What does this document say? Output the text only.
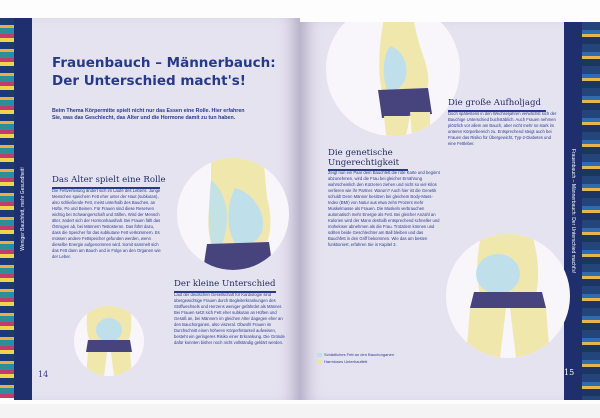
Weniger Bauchfett, mehr Gesundheit!
Frauenbauch – Männerbauch:
Der Unterschied macht's!

Beim Thema Körpermitte spielt nicht nur das Essen eine Rolle. Hier erfahren Sie, was das Geschlecht, das Alter und die Hormone damit zu tun haben.

Das Alter spielt eine Rolle

Die Fettverteilung ändert sich im Laufe des Lebens. Junge Menschen speichern Fett eher unter der Haut (subkutan), also schließende Fett, meist unterhalb des Bauches, an Hüfte, Po und Beinen. Für Frauen sind diese Reserven wichtig bei Schwangerschaft und Stillen. Wird der Mensch älter, ändert sich der Hormonhaushalt. Bei Frauen fällt das Östrogen ab, bei Männern Testosteron. Das führt dazu, dass die Speicher für das subkutane Fett verkümmern. Es müssen andere Fettspeicher gefunden werden, wenn dieselbe Energie aufgenommen wird. Somit sammelt sich das Fett dann am Bauch und in Folge an den Organen wie der Leber.

Der kleine Unterschied

Laut der deutschen Gesellschaft für Kardiologie sind übergewichtige Frauen durch Begleiterkrankungen des Stoffwechsels und Herzens weniger gefährdet als Männer. Bei Frauen setzt sich Fett eher subkutan an Hüften und Gesäß an, bei Männern im gleichen Alter dagegen eher an den Bauchorganen, also viszeral. Obwohl Frauen im Durchschnitt einen höheren Körperfettanteil aufweisen, besteht ein geringeres Risiko einer Erkrankung. Die Gründe dafür konnten bisher noch nicht vollständig geklärt werden.

14
Frauenbauch – Männerbauch: Der Unterschied macht's!
Die genetische
Ungerechtigkeit

Zeigt nun ein Paar dem Bauchfett die rote Karte und beginnt abzunehmen, wird die Frau bei gleicher Ernährung wahrscheinlich den Kürzeren ziehen und nicht so viel Kilos verlieren wie ihr Partner. Warum? Auch hier ist die Genetik schuld! Denn Männer besitzen bei gleichem Body-Mass-Index (BMI) von Natur aus etwa zehn Prozent mehr Muskelmasse als Frauen. Die Muskeln verbrauchen automatisch mehr Energie als Fett. Bei gleicher Anzahl an Kalorien wird der Mann deshalb entsprechend schneller und müheloser abnehmen als die Frau. Trotzdem können und sollten beide Geschlechter am Ball bleiben und das Bauchfett in den Griff bekommen. Wie das am besten funktioniert, erfahren Sie in Kapitel 3.

Die große Aufholjagd

Doch spätestens in den Wechseljahren verwächst sich der Bauchige Unterschied buchstäblich. Auch Frauen nehmen plötzlich vor allem am Bauch, aber nicht mehr so stark im unteren Körperbereich zu. Entsprechend steigt auch bei Frauen das Risiko für Übergewicht, Typ-2-Diabetes und eine Fettleber.

15
Schädliches Fett an den Bauchorganen
Harmloses Unterhautfett
